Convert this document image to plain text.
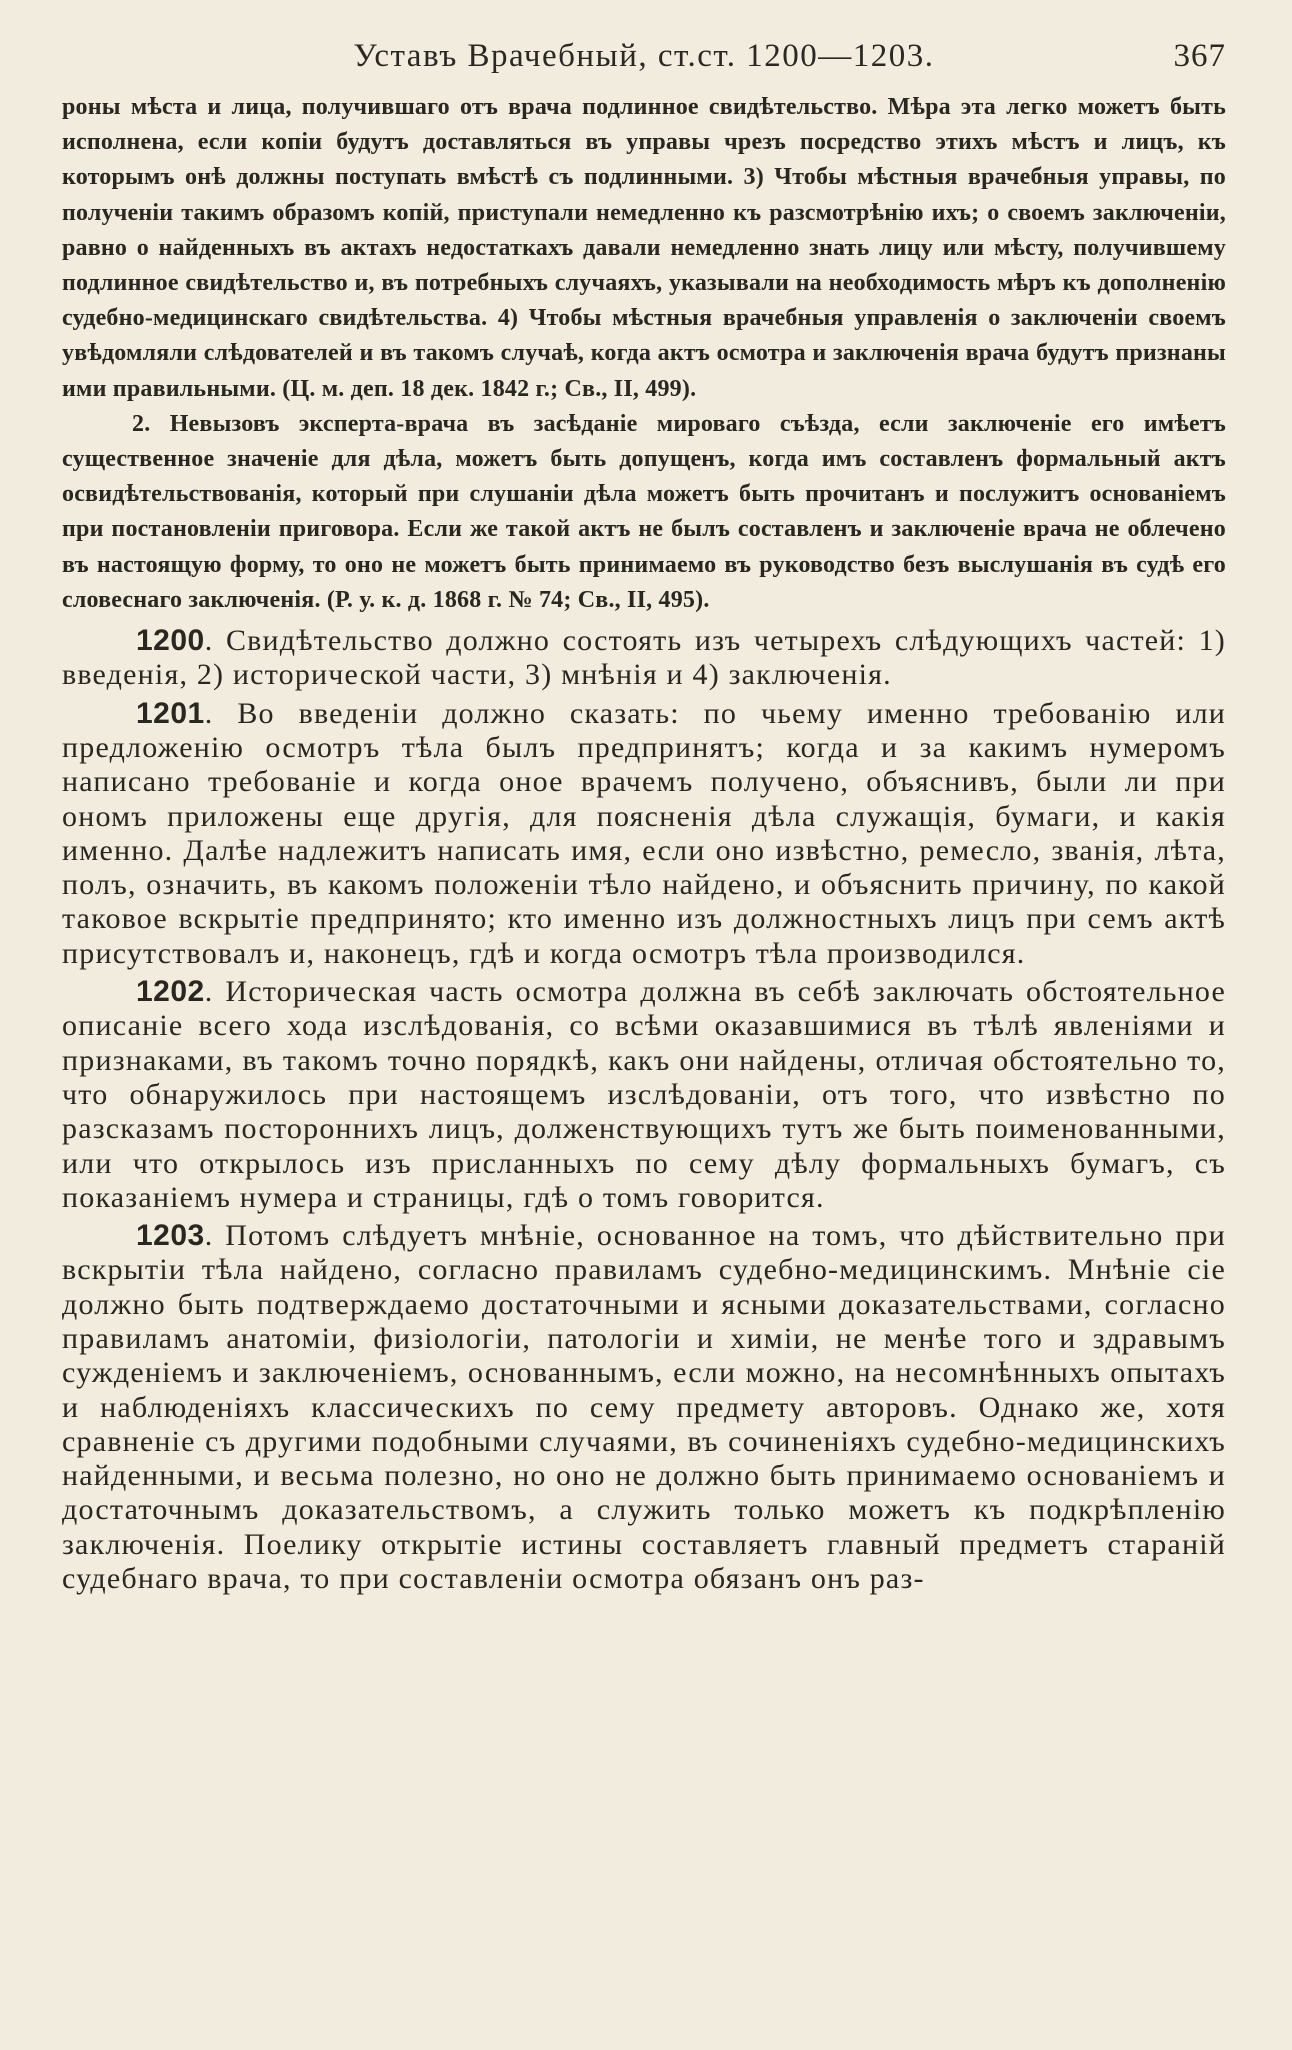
Уставъ Врачебный, ст.ст. 1200—1203.	367

роны мѣста и лица, получившаго отъ врача подлинное свидѣтельство. Мѣра эта легко можетъ быть исполнена, если копіи будутъ доставляться въ управы чрезъ посредство этихъ мѣстъ и лицъ, къ которымъ онѣ должны поступать вмѣстѣ съ подлинными. 3) Чтобы мѣстныя врачебныя управы, по полученіи такимъ образомъ копій, приступали немедленно къ разсмотрѣнію ихъ; о своемъ заключеніи, равно о найденныхъ въ актахъ недостаткахъ давали немедленно знать лицу или мѣсту, получившему подлинное свидѣтельство и, въ потребныхъ случаяхъ, указывали на необходимость мѣръ къ дополненію судебно-медицинскаго свидѣтельства. 4) Чтобы мѣстныя врачебныя управленія о заключеніи своемъ увѣдомляли слѣдователей и въ такомъ случаѣ, когда актъ осмотра и заключенія врача будутъ признаны ими правильными. (Ц. м. деп. 18 дек. 1842 г.; Св., II, 499).

2. Невызовъ эксперта-врача въ засѣданіе мироваго съѣзда, если заключеніе его имѣетъ существенное значеніе для дѣла, можетъ быть допущенъ, когда имъ составленъ формальный актъ освидѣтельствованія, который при слушаніи дѣла можетъ быть прочитанъ и послужитъ основаніемъ при постановленіи приговора. Если же такой актъ не былъ составленъ и заключеніе врача не облечено въ настоящую форму, то оно не можетъ быть принимаемо въ руководство безъ выслушанія въ судѣ его словеснаго заключенія. (Р. у. к. д. 1868 г. № 74; Св., II, 495).

1200. Свидѣтельство должно состоять изъ четырехъ слѣдующихъ частей: 1) введенія, 2) исторической части, 3) мнѣнія и 4) заключенія.

1201. Во введеніи должно сказать: по чьему именно требованію или предложенію осмотръ тѣла былъ предпринятъ; когда и за какимъ нумеромъ написано требованіе и когда оное врачемъ получено, объяснивъ, были ли при ономъ приложены еще другія, для поясненія дѣла служащія, бумаги, и какія именно. Далѣе надлежитъ написать имя, если оно извѣстно, ремесло, званія, лѣта, полъ, означить, въ какомъ положеніи тѣло найдено, и объяснить причину, по какой таковое вскрытіе предпринято; кто именно изъ должностныхъ лицъ при семъ актѣ присутствовалъ и, наконецъ, гдѣ и когда осмотръ тѣла производился.

1202. Историческая часть осмотра должна въ себѣ заключать обстоятельное описаніе всего хода изслѣдованія, со всѣми оказавшимися въ тѣлѣ явленіями и признаками, въ такомъ точно порядкѣ, какъ они найдены, отличая обстоятельно то, что обнаружилось при настоящемъ изслѣдованіи, отъ того, что извѣстно по разсказамъ постороннихъ лицъ, долженствующихъ тутъ же быть поименованными, или что открылось изъ присланныхъ по сему дѣлу формальныхъ бумагъ, съ показаніемъ нумера и страницы, гдѣ о томъ говорится.

1203. Потомъ слѣдуетъ мнѣніе, основанное на томъ, что дѣйствительно при вскрытіи тѣла найдено, согласно правиламъ судебно-медицинскимъ. Мнѣніе сіе должно быть подтверждаемо достаточными и ясными доказательствами, согласно правиламъ анатоміи, физіологіи, патологіи и химіи, не менѣе того и здравымъ сужденіемъ и заключеніемъ, основаннымъ, если можно, на несомнѣнныхъ опытахъ и наблюденіяхъ классическихъ по сему предмету авторовъ. Однако же, хотя сравненіе съ другими подобными случаями, въ сочиненіяхъ судебно-медицинскихъ найденными, и весьма полезно, но оно не должно быть принимаемо основаніемъ и достаточнымъ доказательствомъ, а служить только можетъ къ подкрѣпленію заключенія. Поелику открытіе истины составляетъ главный предметъ старанiй судебнаго врача, то при составленіи осмотра обязанъ онъ раз-
